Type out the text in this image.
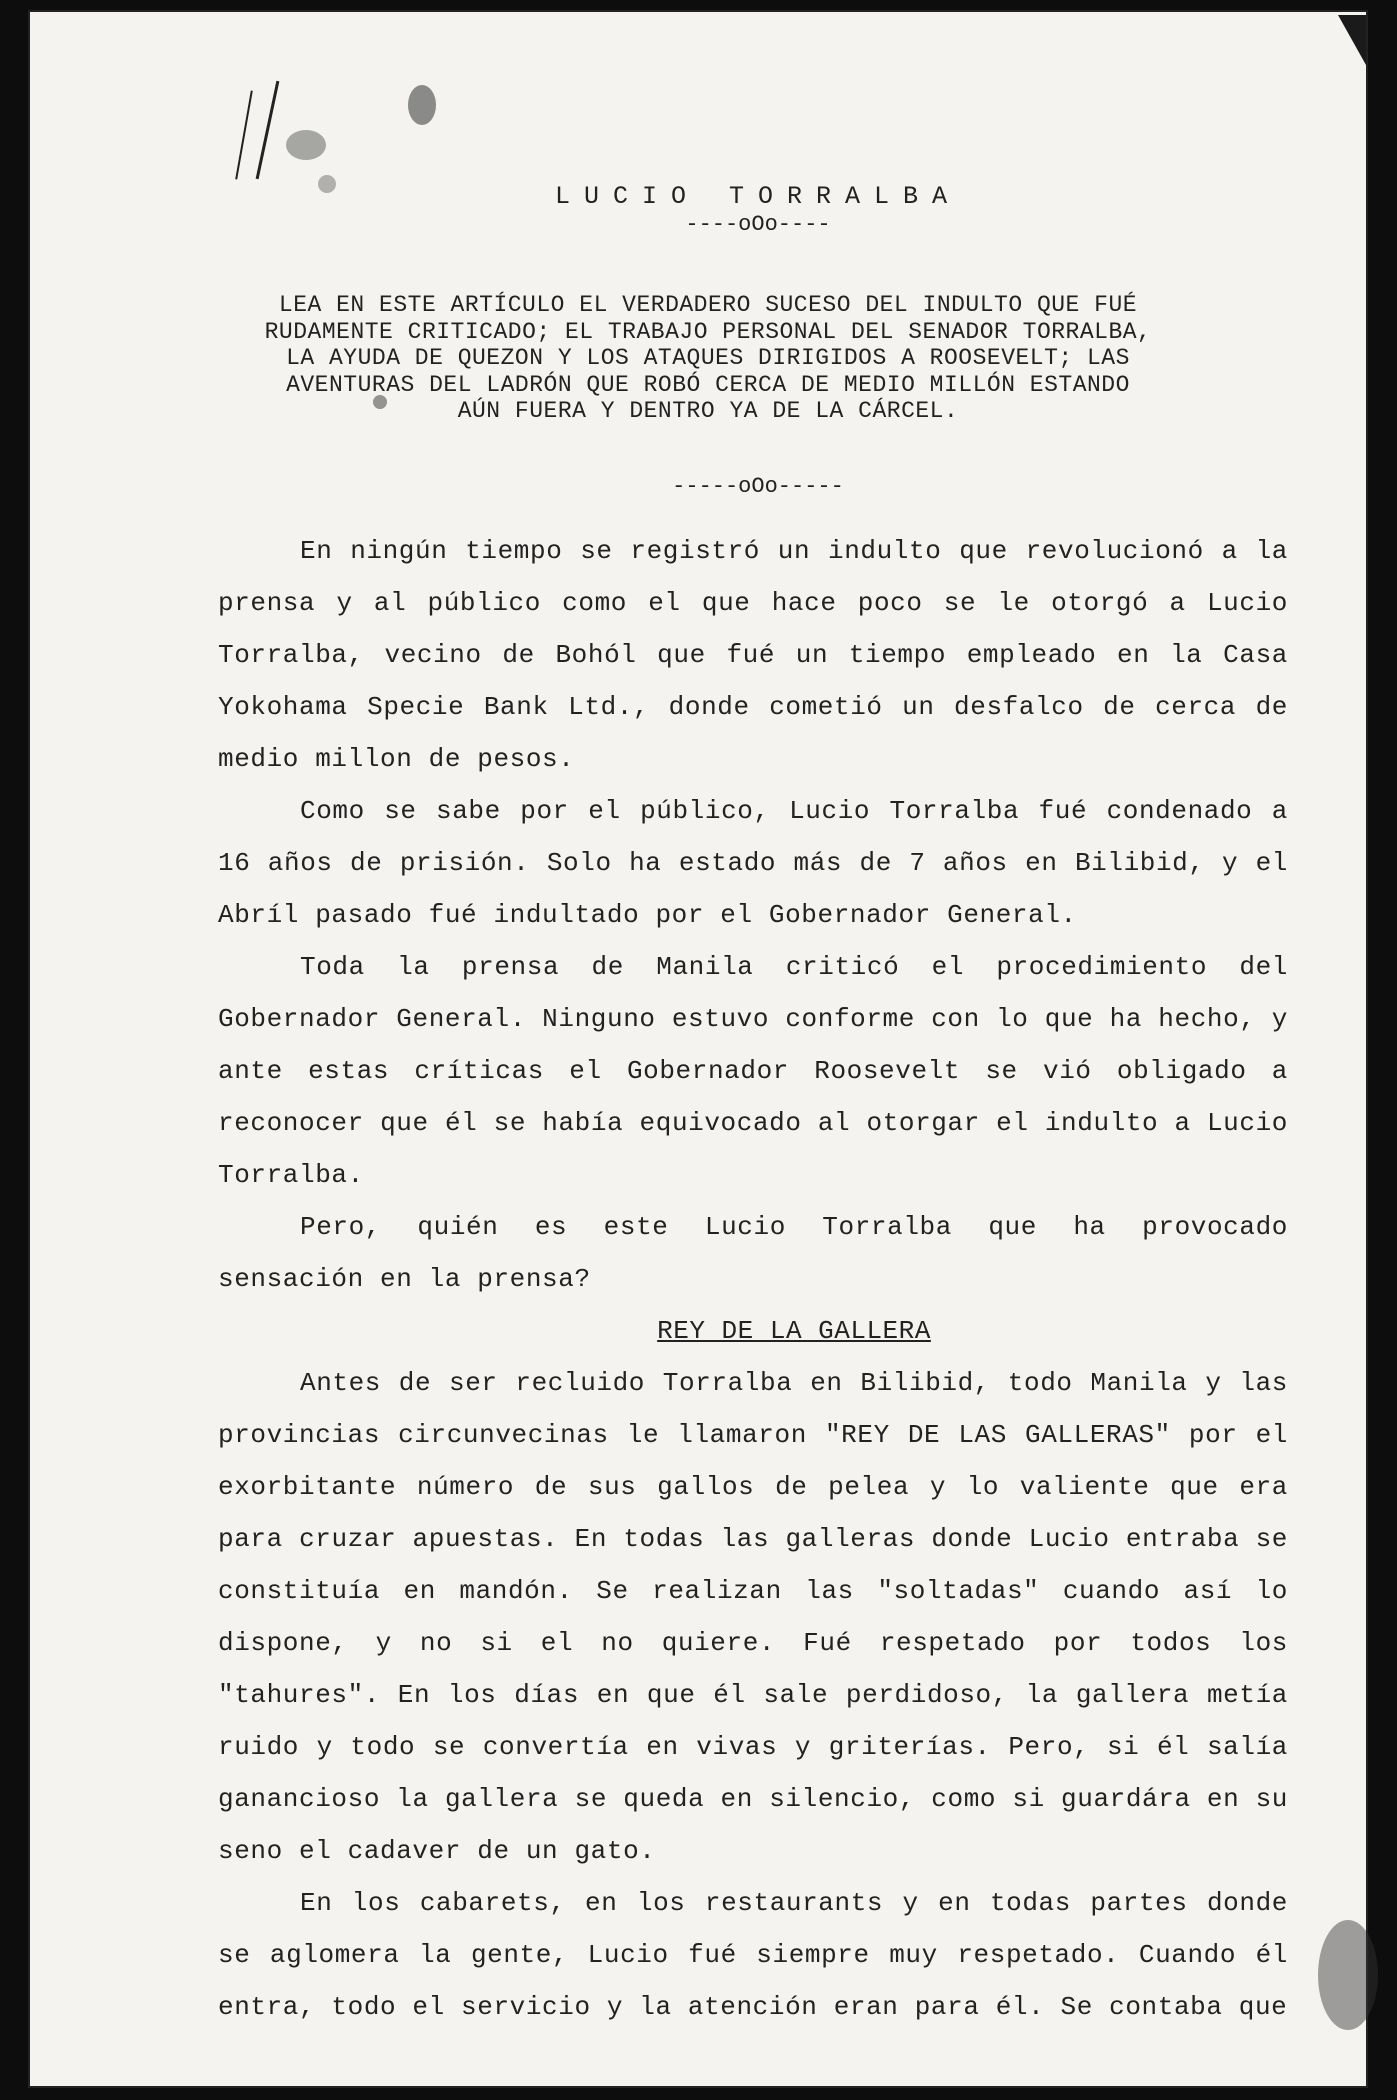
LUCIO TORRALBA
----oOo----
LEA EN ESTE ARTÍCULO EL VERDADERO SUCESO DEL INDULTO QUE FUÉ RUDAMENTE CRITICADO; EL TRABAJO PERSONAL DEL SENADOR TORRALBA, LA AYUDA DE QUEZON Y LOS ATAQUES DIRIGIDOS A ROOSEVELT; LAS AVENTURAS DEL LADRÓN QUE ROBÓ CERCA DE MEDIO MILLÓN ESTANDO AÚN FUERA Y DENTRO YA DE LA CÁRCEL.
-----oOo-----

En ningún tiempo se registró un indulto que revolucionó a la prensa y al público como el que hace poco se le otorgó a Lucio Torralba, vecino de Bohól que fué un tiempo empleado en la Casa Yokohama Specie Bank Ltd., donde cometió un desfalco de cerca de medio millon de pesos.

Como se sabe por el público, Lucio Torralba fué condenado a 16 años de prisión. Solo ha estado más de 7 años en Bilibid, y el Abríl pasado fué indultado por el Gobernador General.

Toda la prensa de Manila criticó el procedimiento del Gobernador General. Ninguno estuvo conforme con lo que ha hecho, y ante estas críticas el Gobernador Roosevelt se vió obligado a reconocer que él se había equivocado al otorgar el indulto a Lucio Torralba.

Pero, quién es este Lucio Torralba que ha provocado sensación en la prensa?

REY DE LA GALLERA

Antes de ser recluido Torralba en Bilibid, todo Manila y las provincias circunvecinas le llamaron "REY DE LAS GALLERAS" por el exorbitante número de sus gallos de pelea y lo valiente que era para cruzar apuestas. En todas las galleras donde Lucio entraba se constituía en mandón. Se realizan las "soltadas" cuando así lo dispone, y no si el no quiere. Fué respetado por todos los "tahures". En los días en que él sale perdidoso, la gallera metía ruido y todo se convertía en vivas y griterías. Pero, si él salía ganancioso la gallera se queda en silencio, como si guardára en su seno el cadaver de un gato.

En los cabarets, en los restaurants y en todas partes donde se aglomera la gente, Lucio fué siempre muy respetado. Cuando él entra, todo el servicio y la atención eran para él. Se contaba que
